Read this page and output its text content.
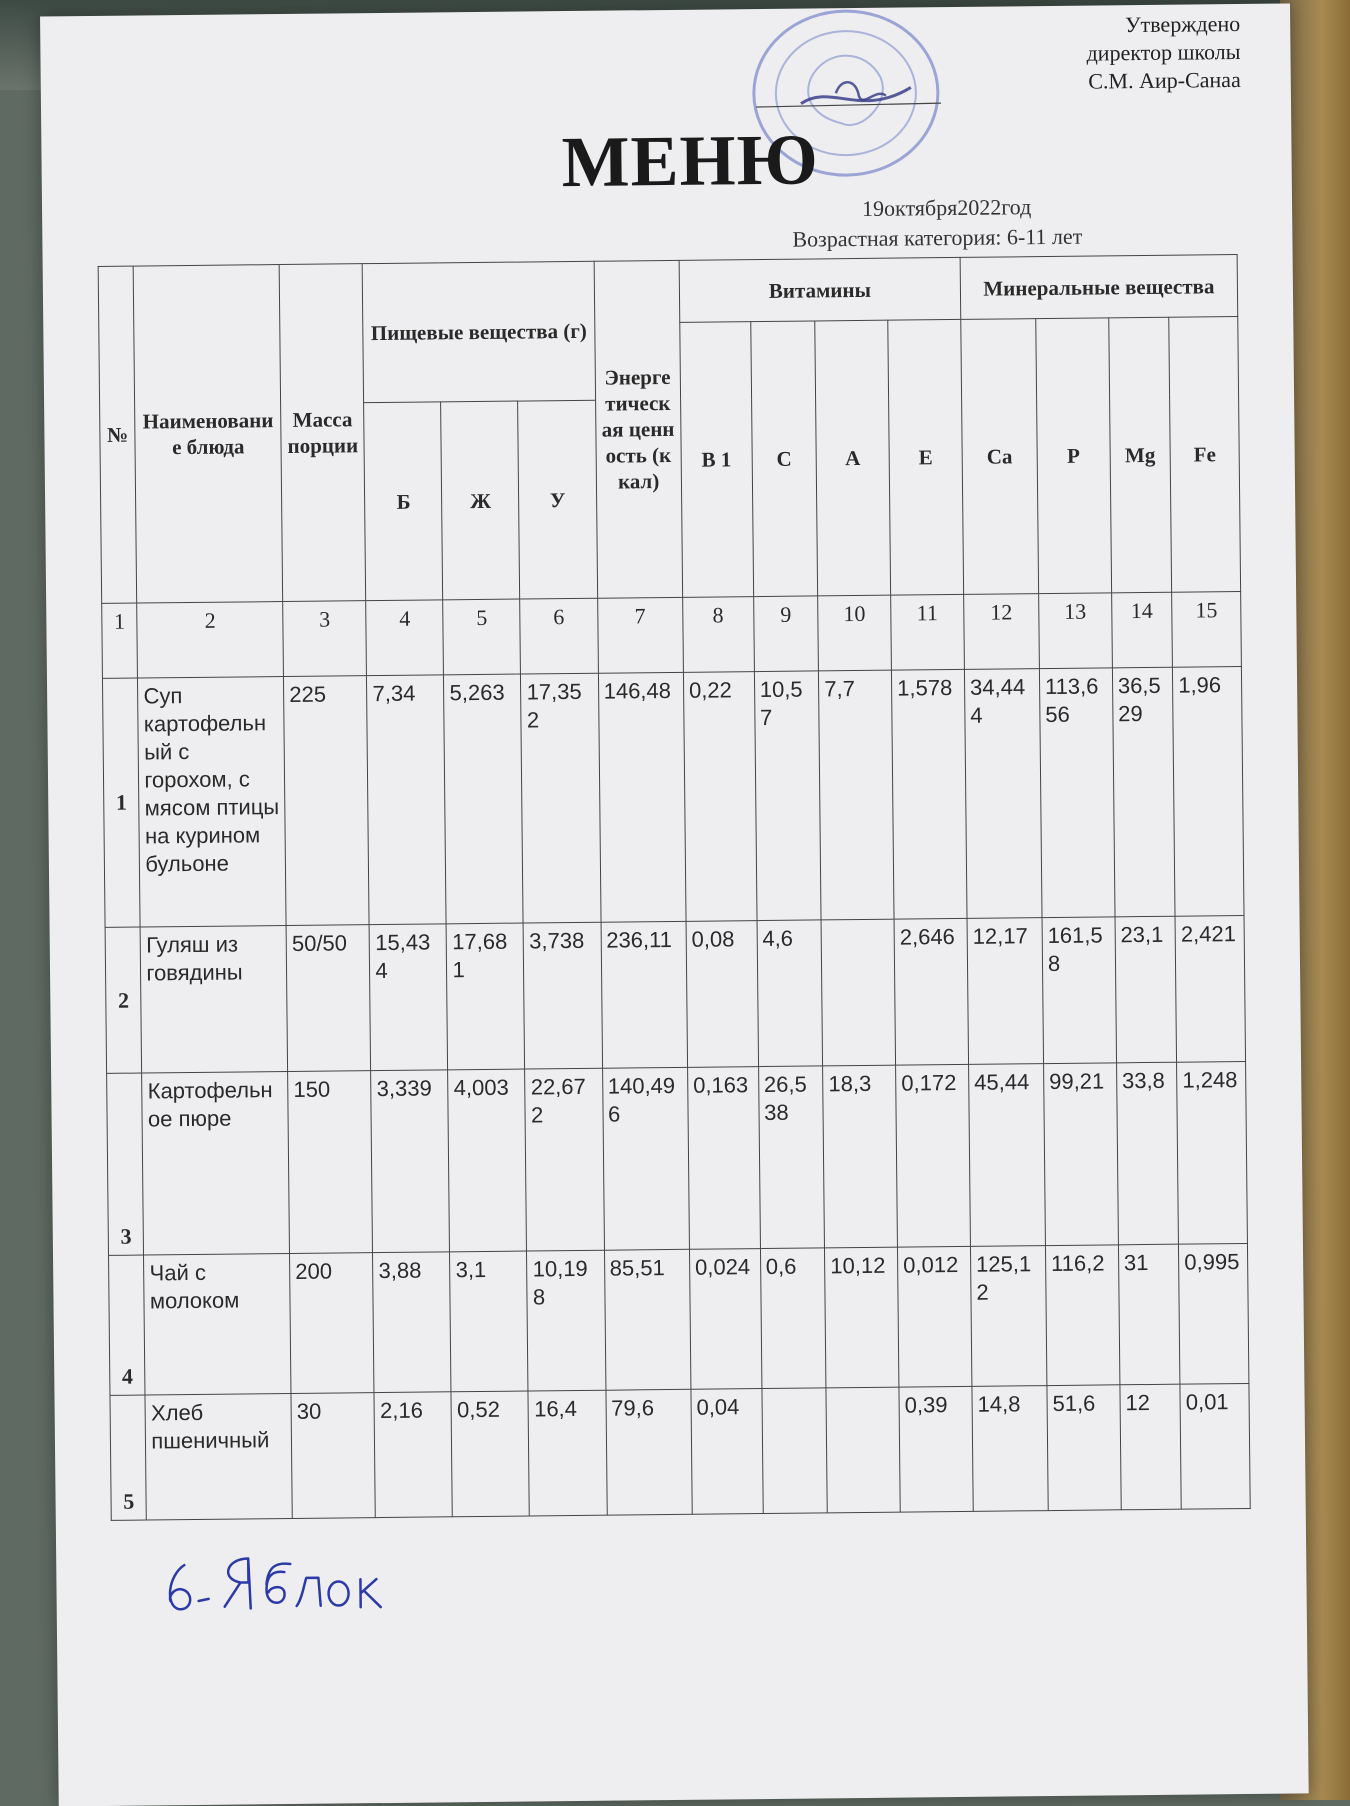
Утверждено
директор школы
С.М. Аир-Санаа
МЕНЮ
19октября2022год
Возрастная категория: 6-11 лет
№	Наименование блюда	Масса порции	Пищевые вещества (г)			Энергетическая ценность (ккал)	Витамины				Минеральные вещества			
							В 1	С	А	Е	Са	Р	Mg	Fe
			Б	Ж	У									
1	2	3	4	5	6	7	8	9	10	11	12	13	14	15
1	Суп картофельный с горохом, с мясом птицы на курином бульоне	225	7,34	5,263	17,352	146,48	0,22	10,57	7,7	1,578	34,444	113,656	36,529	1,96
2	Гуляш из говядины	50/50	15,434	17,681	3,738	236,11	0,08	4,6		2,646	12,17	161,58	23,1	2,421
3	Картофельное пюре	150	3,339	4,003	22,672	140,496	0,163	26,538	18,3	0,172	45,44	99,21	33,8	1,248
4	Чай с молоком	200	3,88	3,1	10,198	85,51	0,024	0,6	10,12	0,012	125,12	116,2	31	0,995
5	Хлеб пшеничный	30	2,16	0,52	16,4	79,6	0,04			0,39	14,8	51,6	12	0,01
